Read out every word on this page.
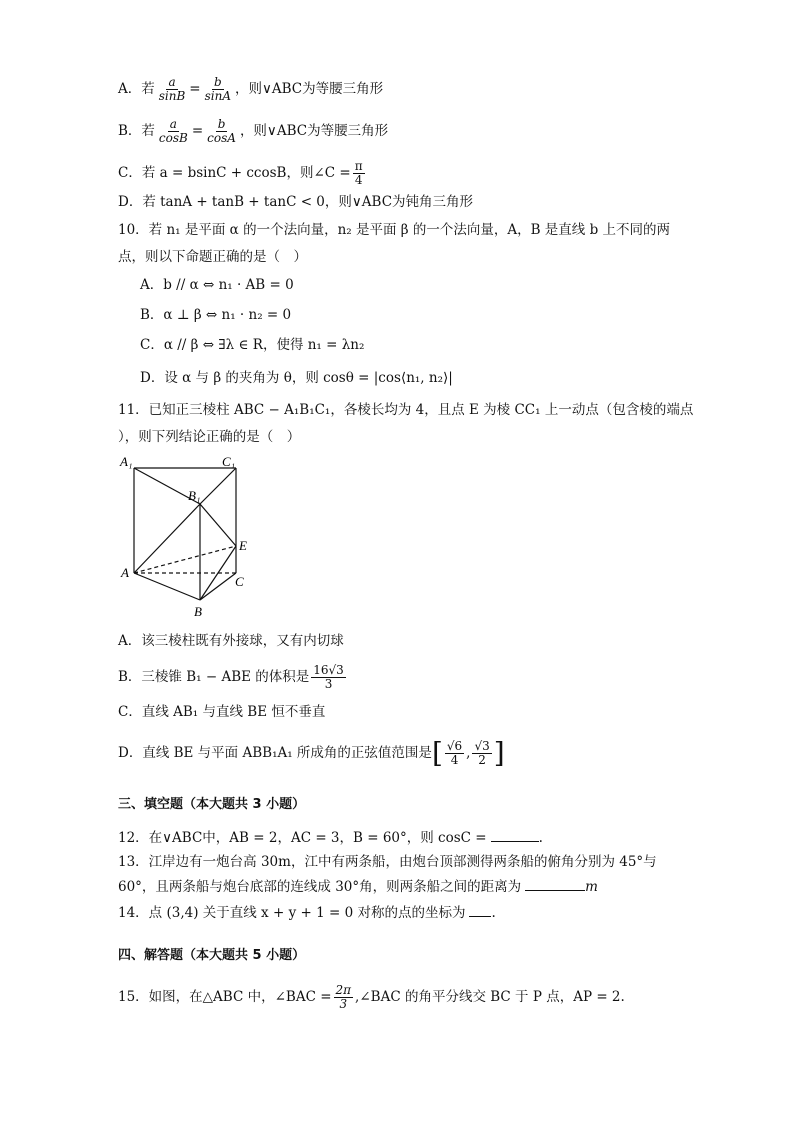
A．若 $\frac{a}{\sin B} = \frac{b}{\sin A}$ ，则∨ABC为等腰三角形
B．若 $\frac{a}{\cos B} = \frac{b}{\cos A}$ ，则∨ABC为等腰三角形
C．若 a = bsinC + ccosB，则∠C = $\frac{\pi}{4}$
D．若 tanA + tanB + tanC < 0，则∨ABC为钝角三角形
10．若 n₁ 是平面 α 的一个法向量，n₂ 是平面 β 的一个法向量，A，B 是直线 b 上不同的两
点，则以下命题正确的是（　）
A．b // α ⇔ n₁ · AB = 0
B．α ⊥ β ⇔ n₁ · n₂ = 0
C．α // β ⇔ ∃λ ∈ R，使得 n₁ = λn₂
D．设 α 与 β 的夹角为 θ，则 cosθ = |cos⟨n₁, n₂⟩|
11．已知正三棱柱 ABC − A₁B₁C₁，各棱长均为 4，且点 E 为棱 CC₁ 上一动点（包含棱的端点
），则下列结论正确的是（　）
A₁	C₁
B₁
E
A
C
B
A．该三棱柱既有外接球，又有内切球
B．三棱锥 B₁ − ABE 的体积是 $\frac{16√3}{3}$
C．直线 AB₁ 与直线 BE 恒不垂直
D．直线 BE 与平面 ABB₁A₁ 所成角的正弦值范围是[ $\frac{√6}{4}$ , $\frac{√3}{2}$ ]
三、填空题（本大题共 3 小题）
12．在∨ABC中，AB = 2，AC = 3，B = 60°，则 cosC =	.
13．江岸边有一炮台高 30m，江中有两条船，由炮台顶部测得两条船的俯角分别为 45°与
60°，且两条船与炮台底部的连线成 30°角，则两条船之间的距离为	m
14．点 (3,4) 关于直线 x + y + 1 = 0 对称的点的坐标为 .
四、解答题（本大题共 5 小题）
15．如图，在△ABC 中，∠BAC = $\frac{2\pi}{3}$ ,∠BAC 的角平分线交 BC 于 P 点，AP = 2.
